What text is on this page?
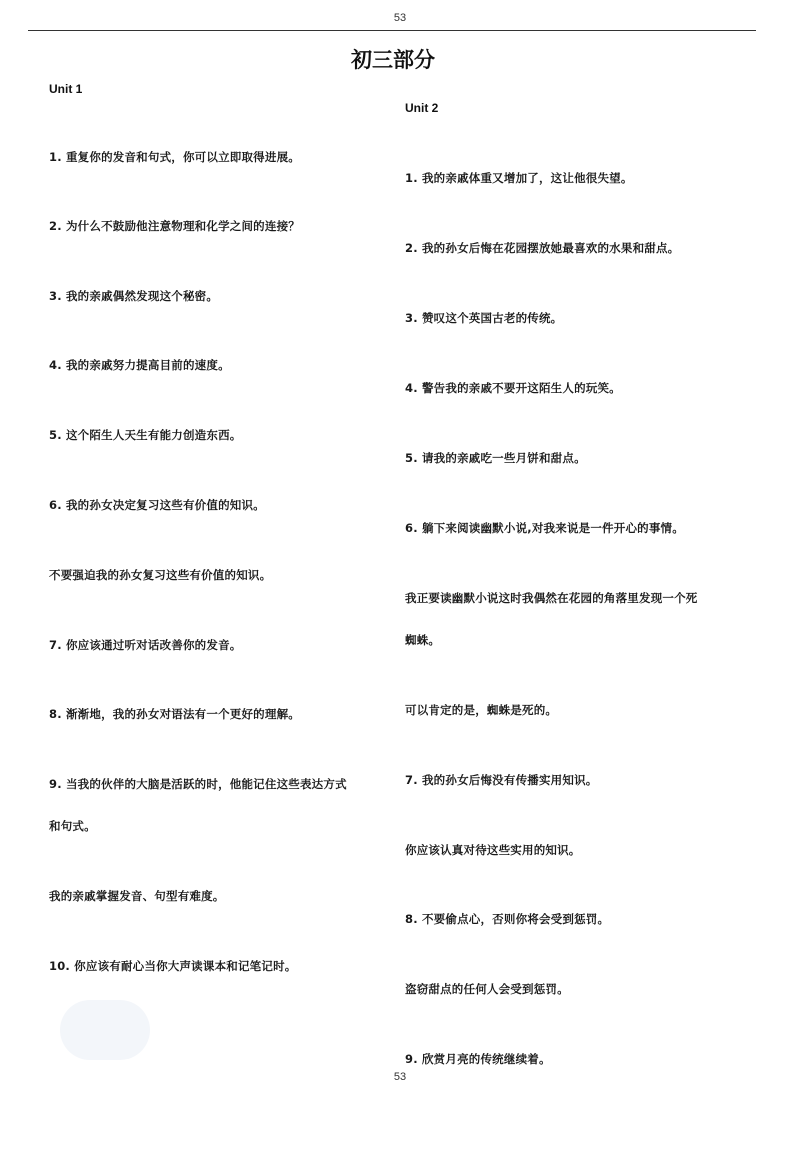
53
初三部分
Unit 1
1. 重复你的发音和句式，你可以立即取得进展。
2. 为什么不鼓励他注意物理和化学之间的连接？
3. 我的亲戚偶然发现这个秘密。
4. 我的亲戚努力提高目前的速度。
5. 这个陌生人天生有能力创造东西。
6. 我的孙女决定复习这些有价值的知识。
不要强迫我的孙女复习这些有价值的知识。
7. 你应该通过听对话改善你的发音。
8. 渐渐地，我的孙女对语法有一个更好的理解。
9. 当我的伙伴的大脑是活跃的时，他能记住这些表达方式
和句式。
我的亲戚掌握发音、句型有难度。
10. 你应该有耐心当你大声读课本和记笔记时。
Unit 2
1. 我的亲戚体重又增加了，这让他很失望。
2. 我的孙女后悔在花园摆放她最喜欢的水果和甜点。
3. 赞叹这个英国古老的传统。
4. 警告我的亲戚不要开这陌生人的玩笑。
5. 请我的亲戚吃一些月饼和甜点。
6. 躺下来阅读幽默小说,对我来说是一件开心的事情。
我正要读幽默小说这时我偶然在花园的角落里发现一个死
蜘蛛。
可以肯定的是，蜘蛛是死的。
7. 我的孙女后悔没有传播实用知识。
你应该认真对待这些实用的知识。
8. 不要偷点心，否则你将会受到惩罚。
盗窃甜点的任何人会受到惩罚。
9. 欣赏月亮的传统继续着。
53
